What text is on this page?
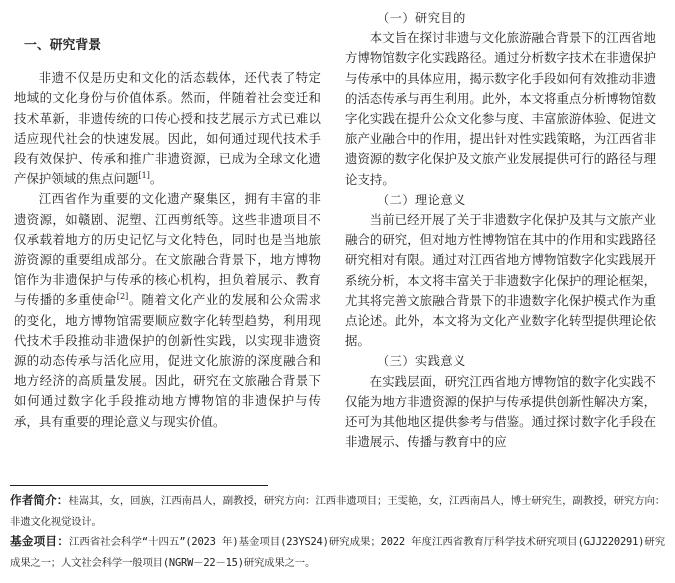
一、研究背景

非遗不仅是历史和文化的活态载体，还代表了特定地域的文化身份与价值体系。然而，伴随着社会变迁和技术革新，非遗传统的口传心授和技艺展示方式已难以适应现代社会的快速发展。因此，如何通过现代技术手段有效保护、传承和推广非遗资源，已成为全球文化遗产保护领域的焦点问题[1]。

江西省作为重要的文化遗产聚集区，拥有丰富的非遗资源，如赣剧、泥塑、江西剪纸等。这些非遗项目不仅承载着地方的历史记忆与文化特色，同时也是当地旅游资源的重要组成部分。在文旅融合背景下，地方博物馆作为非遗保护与传承的核心机构，担负着展示、教育与传播的多重使命[2]。随着文化产业的发展和公众需求的变化，地方博物馆需要顺应数字化转型趋势，利用现代技术手段推动非遗保护的创新性实践，以实现非遗资源的动态传承与活化应用，促进文化旅游的深度融合和地方经济的高质量发展。因此，研究在文旅融合背景下如何通过数字化手段推动地方博物馆的非遗保护与传承，具有重要的理论意义与现实价值。

（一）研究目的

本文旨在探讨非遗与文化旅游融合背景下的江西省地方博物馆数字化实践路径。通过分析数字技术在非遗保护与传承中的具体应用，揭示数字化手段如何有效推动非遗的活态传承与再生利用。此外，本文将重点分析博物馆数字化实践在提升公众文化参与度、丰富旅游体验、促进文旅产业融合中的作用，提出针对性实践策略，为江西省非遗资源的数字化保护及文旅产业发展提供可行的路径与理论支持。

（二）理论意义

当前已经开展了关于非遗数字化保护及其与文旅产业融合的研究，但对地方性博物馆在其中的作用和实践路径研究相对有限。通过对江西省地方博物馆数字化实践展开系统分析，本文将丰富关于非遗数字化保护的理论框架，尤其将完善文旅融合背景下的非遗数字化保护模式作为重点论述。此外，本文将为文化产业数字化转型提供理论依据。

（三）实践意义

在实践层面，研究江西省地方博物馆的数字化实践不仅能为地方非遗资源的保护与传承提供创新性解决方案，还可为其他地区提供参考与借鉴。通过探讨数字化手段在非遗展示、传播与教育中的应

作者简介：桂嵩其，女，回族，江西南昌人，副教授，研究方向：江西非遗项目；王雯艳，女，江西南昌人，博士研究生，副教授，研究方向：非遗文化视觉设计。

基金项目：江西省社会科学“十四五”(2023 年)基金项目(23YS24)研究成果；2022 年度江西省教育厅科学技术研究项目(GJJ220291)研究成果之一；人文社会科学一般项目(NGRW－22－15)研究成果之一。
